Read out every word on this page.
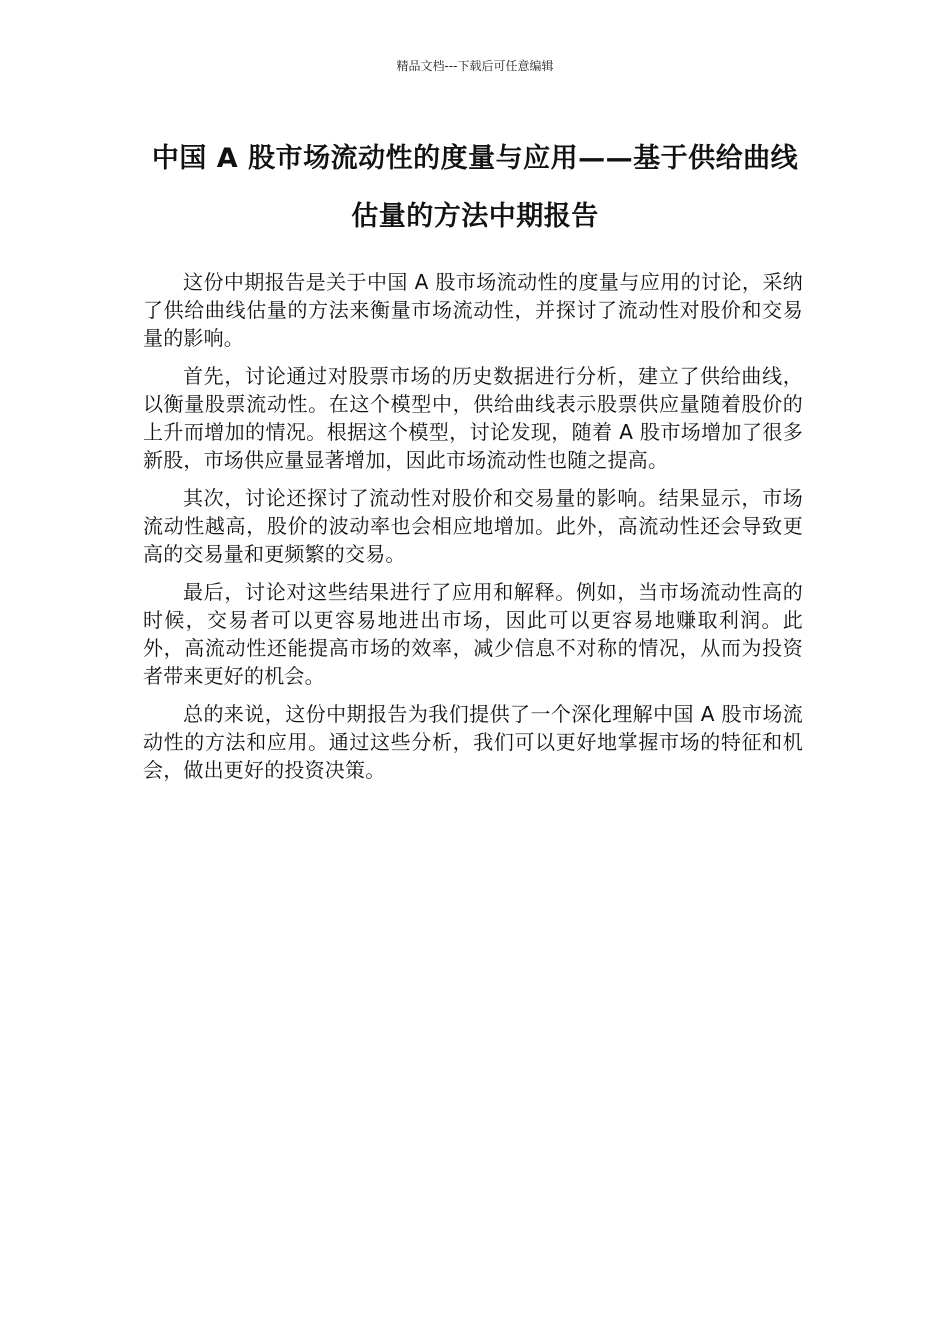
精品文档---下载后可任意编辑
中国 A 股市场流动性的度量与应用——基于供给曲线
估量的方法中期报告

这份中期报告是关于中国 A 股市场流动性的度量与应用的讨论，采纳了供给曲线估量的方法来衡量市场流动性，并探讨了流动性对股价和交易量的影响。

首先，讨论通过对股票市场的历史数据进行分析，建立了供给曲线，以衡量股票流动性。在这个模型中，供给曲线表示股票供应量随着股价的上升而增加的情况。根据这个模型，讨论发现，随着 A 股市场增加了很多新股，市场供应量显著增加，因此市场流动性也随之提高。

其次，讨论还探讨了流动性对股价和交易量的影响。结果显示，市场流动性越高，股价的波动率也会相应地增加。此外，高流动性还会导致更高的交易量和更频繁的交易。

最后，讨论对这些结果进行了应用和解释。例如，当市场流动性高的时候，交易者可以更容易地进出市场，因此可以更容易地赚取利润。此外，高流动性还能提高市场的效率，减少信息不对称的情况，从而为投资者带来更好的机会。

总的来说，这份中期报告为我们提供了一个深化理解中国 A 股市场流动性的方法和应用。通过这些分析，我们可以更好地掌握市场的特征和机会，做出更好的投资决策。
